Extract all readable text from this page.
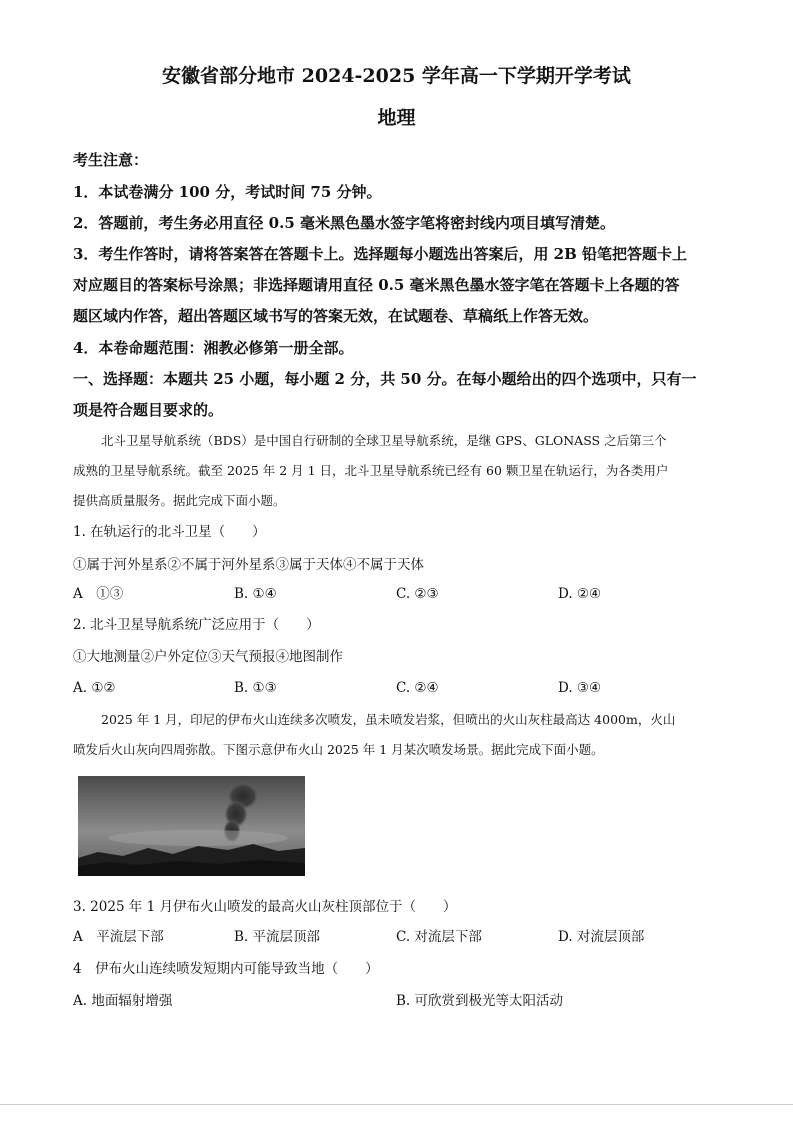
安徽省部分地市 2024-2025 学年高一下学期开学考试
地理
考生注意：
1．本试卷满分 100 分，考试时间 75 分钟。
2．答题前，考生务必用直径 0.5 毫米黑色墨水签字笔将密封线内项目填写清楚。
3．考生作答时，请将答案答在答题卡上。选择题每小题选出答案后，用 2B 铅笔把答题卡上
对应题目的答案标号涂黑；非选择题请用直径 0.5 毫米黑色墨水签字笔在答题卡上各题的答
题区域内作答，超出答题区域书写的答案无效，在试题卷、草稿纸上作答无效。
4．本卷命题范围：湘教必修第一册全部。
一、选择题：本题共 25 小题，每小题 2 分，共 50 分。在每小题给出的四个选项中，只有一
项是符合题目要求的。
北斗卫星导航系统（BDS）是中国自行研制的全球卫星导航系统，是继 GPS、GLONASS 之后第三个
成熟的卫星导航系统。截至 2025 年 2 月 1 日，北斗卫星导航系统已经有 60 颗卫星在轨运行，为各类用户
提供高质量服务。据此完成下面小题。
1. 在轨运行的北斗卫星（　　）
①属于河外星系②不属于河外星系③属于天体④不属于天体
A　①③	B. ①④	C. ②③	D. ②④
2. 北斗卫星导航系统广泛应用于（　　）
①大地测量②户外定位③天气预报④地图制作
A. ①②	B. ①③	C. ②④	D. ③④
2025 年 1 月，印尼的伊布火山连续多次喷发，虽未喷发岩浆，但喷出的火山灰柱最高达 4000m，火山
喷发后火山灰向四周弥散。下图示意伊布火山 2025 年 1 月某次喷发场景。据此完成下面小题。
3. 2025 年 1 月伊布火山喷发的最高火山灰柱顶部位于（　　）
A　平流层下部	B. 平流层顶部	C. 对流层下部	D. 对流层顶部
4　伊布火山连续喷发短期内可能导致当地（　　）
A. 地面辐射增强	B. 可欣赏到极光等太阳活动
